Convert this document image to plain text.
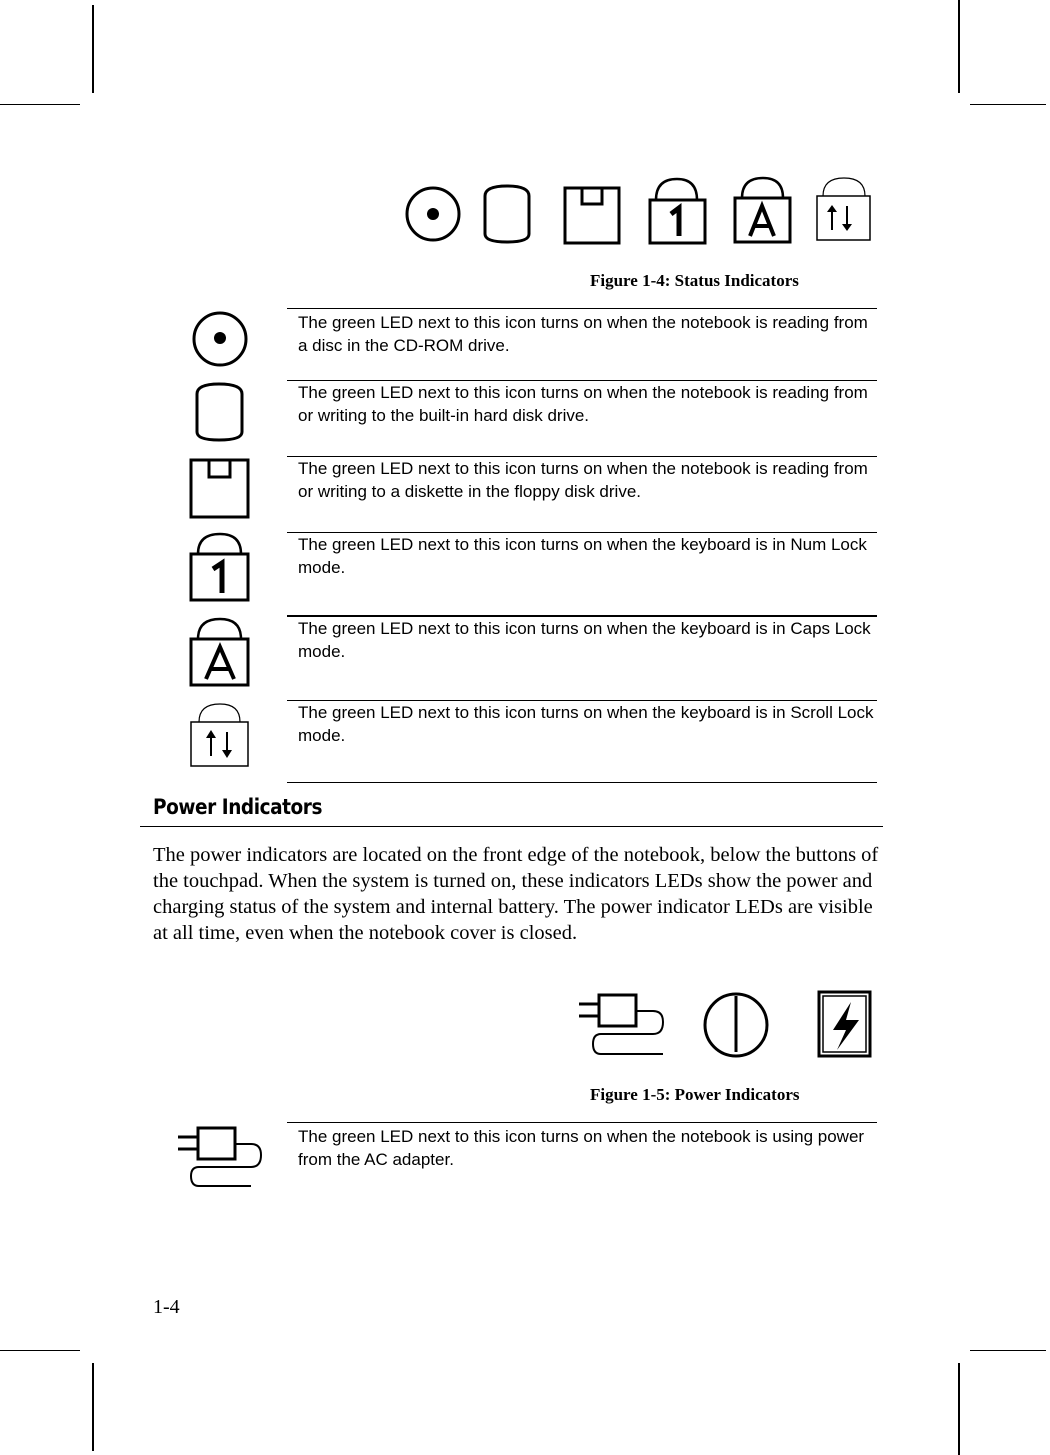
Figure 1-4: Status Indicators
The green LED next to this icon turns on when the notebook is reading from a disc in the CD-ROM drive.
The green LED next to this icon turns on when the notebook is reading from or writing to the built-in hard disk drive.
The green LED next to this icon turns on when the notebook is reading from or writing to a diskette in the floppy disk drive.
The green LED next to this icon turns on when the keyboard is in Num Lock mode.
The green LED next to this icon turns on when the keyboard is in Caps Lock mode.
The green LED next to this icon turns on when the keyboard is in Scroll Lock mode.
Power Indicators
The power indicators are located on the front edge of the notebook, below the buttons of the touchpad. When the system is turned on, these indicators LEDs show the power and charging status of the system and internal battery. The power indicator LEDs are visible at all time, even when the notebook cover is closed.
Figure 1-5: Power Indicators
The green LED next to this icon turns on when the notebook is using power from the AC adapter.
1-4
